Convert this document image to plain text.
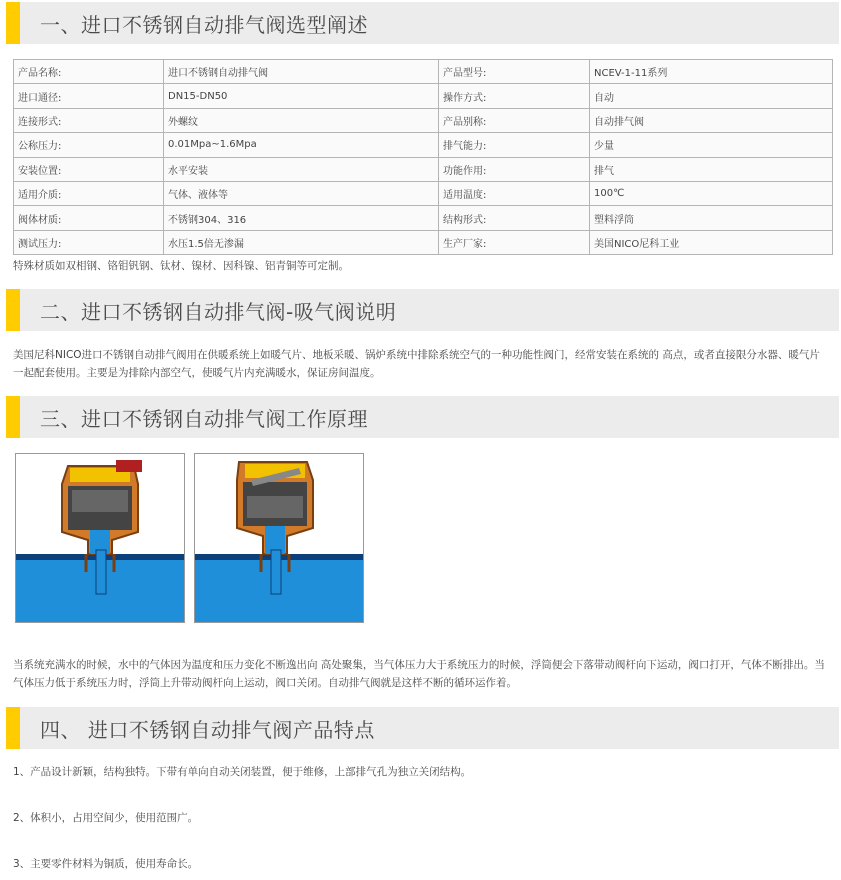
一、进口不锈钢自动排气阀选型阐述
产品名称:	进口不锈钢自动排气阀	产品型号:	NCEV-1-11系列
进口通径:	DN15-DN50	操作方式:	自动
连接形式:	外螺纹	产品别称:	自动排气阀
公称压力:	0.01Mpa~1.6Mpa	排气能力:	少量
安装位置:	水平安装	功能作用:	排气
适用介质:	气体、液体等	适用温度:	100℃
阀体材质:	不锈钢304、316	结构形式:	塑料浮筒
测试压力:	水压1.5倍无渗漏	生产厂家:	美国NICO尼科工业
特殊材质如双相钢、铬钼钒钢、钛材、镍材、因科镍、铝青铜等可定制。
二、进口不锈钢自动排气阀-吸气阀说明
美国尼科NICO进口不锈钢自动排气阀用在供暖系统上如暖气片、地板采暖、锅炉系统中排除系统空气的一种功能性阀门，经常安装在系统的 高点，或者直接限分水器、暖气片一起配套使用。主要是为排除内部空气，使暖气片内充满暖水，保证房间温度。
三、进口不锈钢自动排气阀工作原理
当系统充满水的时候，水中的气体因为温度和压力变化不断逸出向 高处聚集，当气体压力大于系统压力的时候，浮筒便会下落带动阀杆向下运动，阀口打开，气体不断排出。当气体压力低于系统压力时，浮筒上升带动阀杆向上运动，阀口关闭。自动排气阀就是这样不断的循环运作着。
四、 进口不锈钢自动排气阀产品特点
1、产品设计新颖，结构独特。下带有单向自动关闭装置，便于维修，上部排气孔为独立关闭结构。
2、体积小，占用空间少，使用范围广。
3、主要零件材料为铜质，使用寿命长。
